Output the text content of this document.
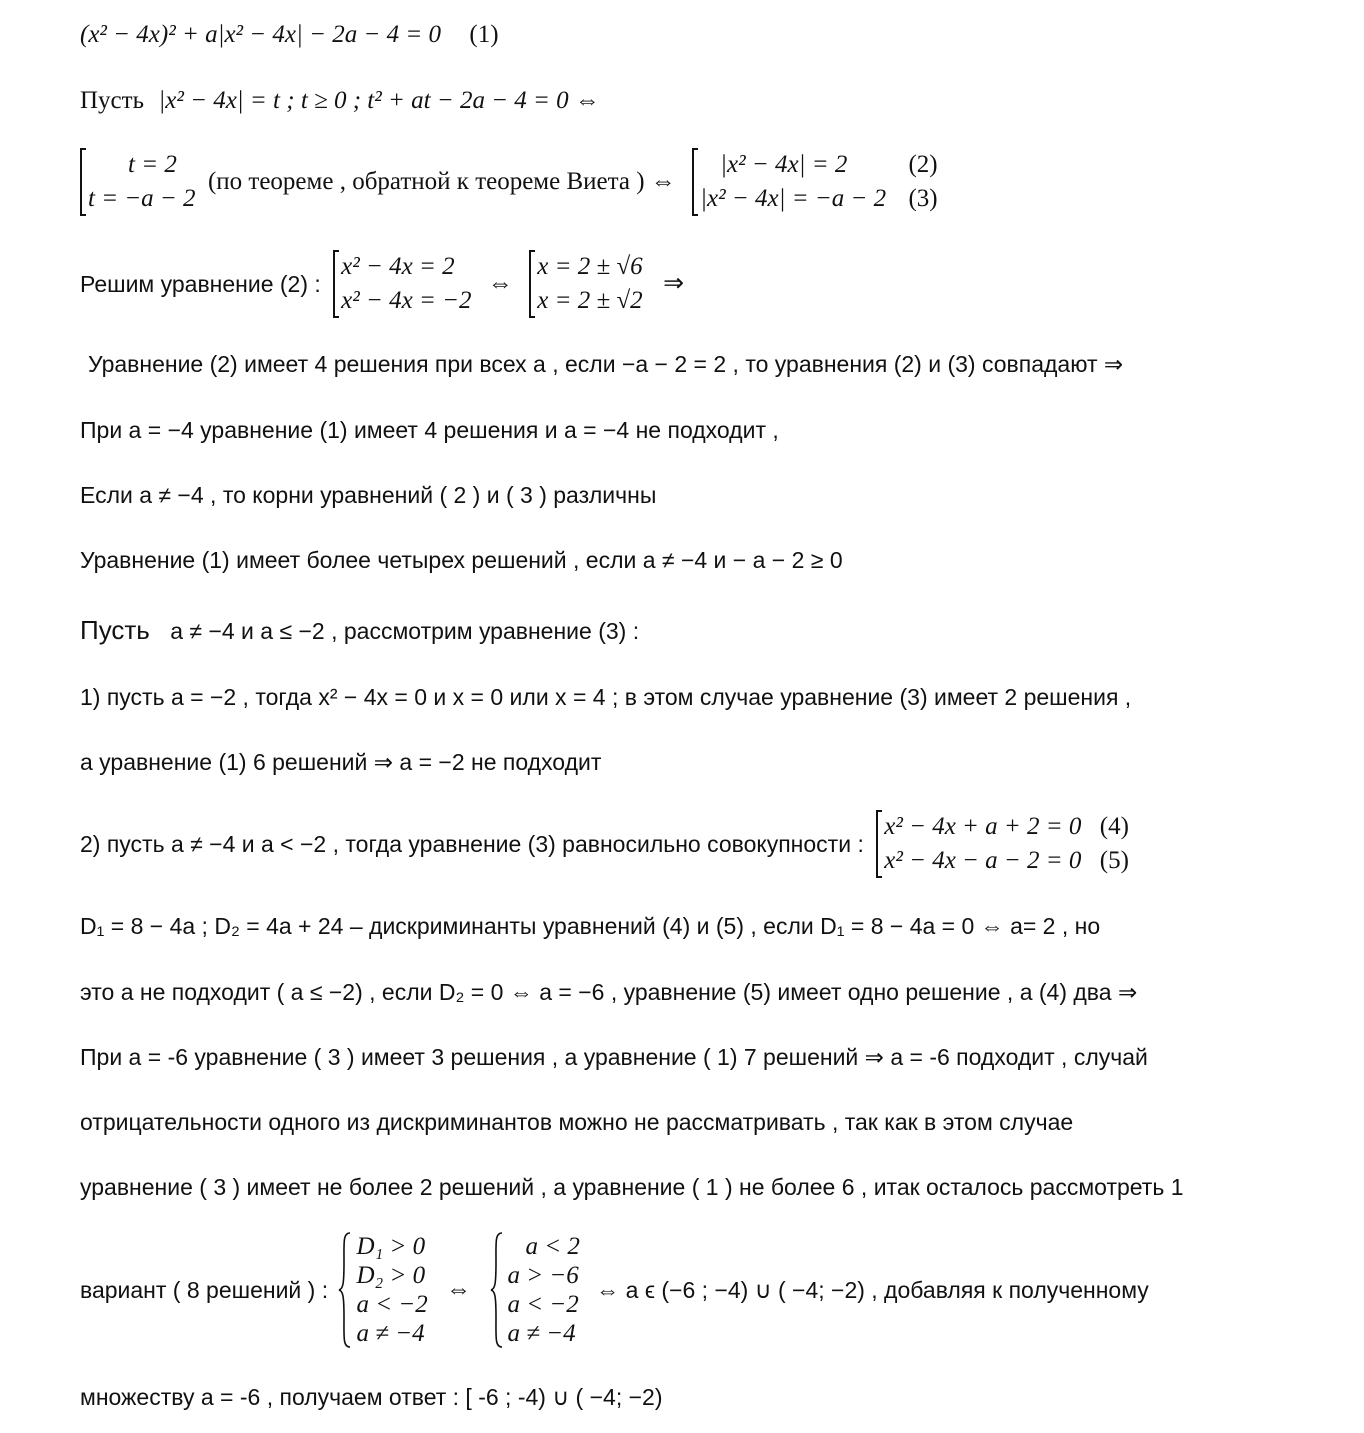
(x² − 4x)² + a|x² − 4x| − 2a − 4 = 0 (1)
Пусть |x² − 4x| = t ; t ≥ 0 ; t² + at − 2a − 4 = 0 ⇔
t = 2
t = −a − 2
(по теореме , обратной к теореме Виета ) ⇔
|x² − 4x| = 2
|x² − 4x| = −a − 2

(2)
(3)
Решим уравнение (2) :
x² − 4x = 2
x² − 4x = −2
⇔
x = 2 ± √6
x = 2 ± √2
⇒
Уравнение (2) имеет 4 решения при всех a , если −a − 2 = 2 , то уравнения (2) и (3) совпадают ⇒
При a = −4 уравнение (1) имеет 4 решения и a = −4 не подходит ,
Если a ≠ −4 , то корни уравнений ( 2 ) и ( 3 ) различны
Уравнение (1) имеет более четырех решений , если a ≠ −4 и − a − 2 ≥ 0
Пусть a ≠ −4 и a ≤ −2 , рассмотрим уравнение (3) :
1) пусть a = −2 , тогда x² − 4x = 0 и x = 0 или x = 4 ; в этом случае уравнение (3) имеет 2 решения ,
а уравнение (1) 6 решений ⇒ a = −2 не подходит
2) пусть a ≠ −4 и a < −2 , тогда уравнение (3) равносильно совокупности :
x² − 4x + a + 2 = 0
x² − 4x − a − 2 = 0

(4)
(5)
D₁ = 8 − 4a ; D₂ = 4a + 24 – дискриминанты уравнений (4) и (5) , если D₁ = 8 − 4a = 0 ⇔ a= 2 , но
это а не подходит ( a ≤ −2) , если D₂ = 0 ⇔ a = −6 , уравнение (5) имеет одно решение , а (4) два ⇒
При a = -6 уравнение ( 3 ) имеет 3 решения , а уравнение ( 1) 7 решений ⇒ a = -6 подходит , случай
отрицательности одного из дискриминантов можно не рассматривать , так как в этом случае
уравнение ( 3 ) имеет не более 2 решений , а уравнение ( 1 ) не более 6 , итак осталось рассмотреть 1
вариант ( 8 решений ) :
D₁ > 0
D₂ > 0
a < −2
a ≠ −4
⇔
a < 2
a > −6
a < −2
a ≠ −4
⇔ a ϵ (−6 ; −4) ∪ ( −4; −2) , добавляя к полученному
множеству a = -6 , получаем ответ : [ -6 ; -4) ∪ ( −4; −2)
